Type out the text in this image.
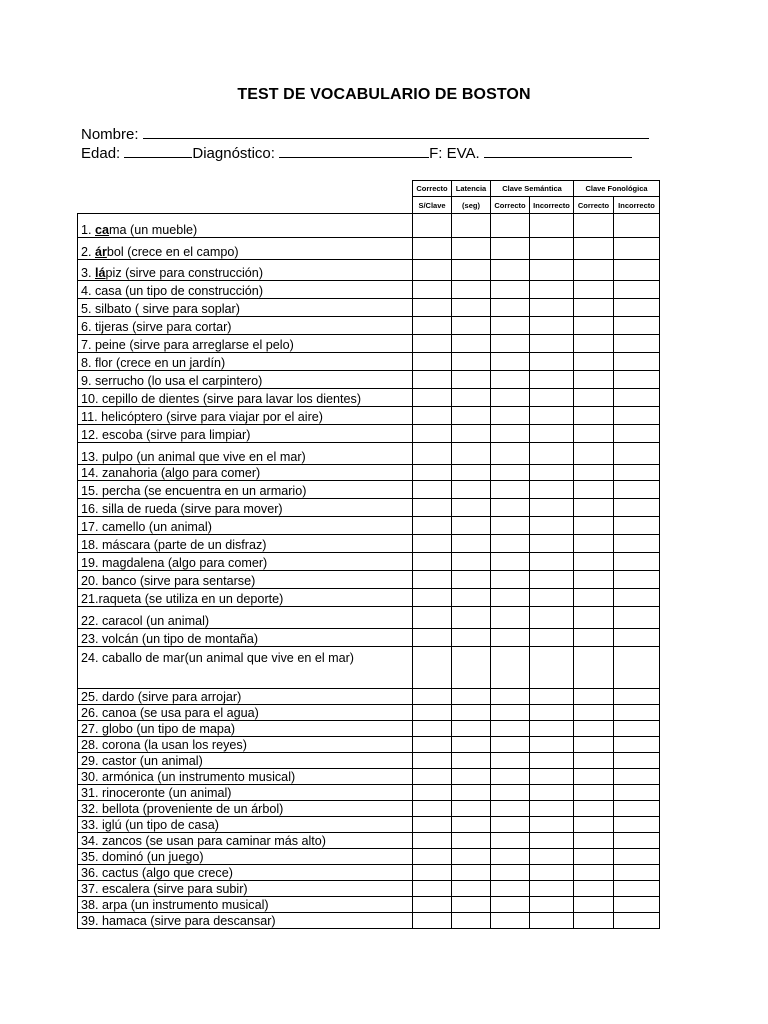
TEST DE VOCABULARIO DE BOSTON
Nombre:
Edad:	Diagnóstico:	F: EVA.
	Correcto	Latencia	Clave Semántica		Clave Fonológica	
	S/Clave	(seg)	Correcto	Incorrecto	Correcto	Incorrecto
1. cama (un mueble)						
2. árbol (crece en el campo)						
3. lápiz (sirve para construcción)						
4. casa (un tipo de construcción)						
5. silbato ( sirve para soplar)						
6. tijeras (sirve para cortar)						
7. peine (sirve para arreglarse el pelo)						
8. flor (crece en un jardín)						
9. serrucho (lo usa el carpintero)						
10. cepillo de dientes (sirve para lavar los dientes)						
11. helicóptero (sirve para viajar por el aire)						
12. escoba (sirve para limpiar)						
13. pulpo (un animal que vive en el mar)						
14. zanahoria (algo para comer)						
15. percha (se encuentra en un armario)						
16. silla de rueda (sirve para mover)						
17. camello (un animal)						
18. máscara (parte de un disfraz)						
19. magdalena (algo para comer)						
20. banco (sirve para sentarse)						
21.raqueta (se utiliza en un deporte)						
22. caracol (un animal)						
23. volcán (un tipo de montaña)						
24. caballo de mar(un animal que vive en el mar)						
25. dardo (sirve para arrojar)						
26. canoa (se usa para el agua)						
27. globo (un tipo de mapa)						
28. corona (la usan los reyes)						
29. castor (un animal)						
30. armónica (un instrumento musical)						
31. rinoceronte (un animal)						
32. bellota (proveniente de un árbol)						
33. iglú (un tipo de casa)						
34. zancos (se usan para caminar más alto)						
35. dominó (un juego)						
36. cactus (algo que crece)						
37. escalera (sirve para subir)						
38. arpa (un instrumento musical)						
39. hamaca (sirve para descansar)						
